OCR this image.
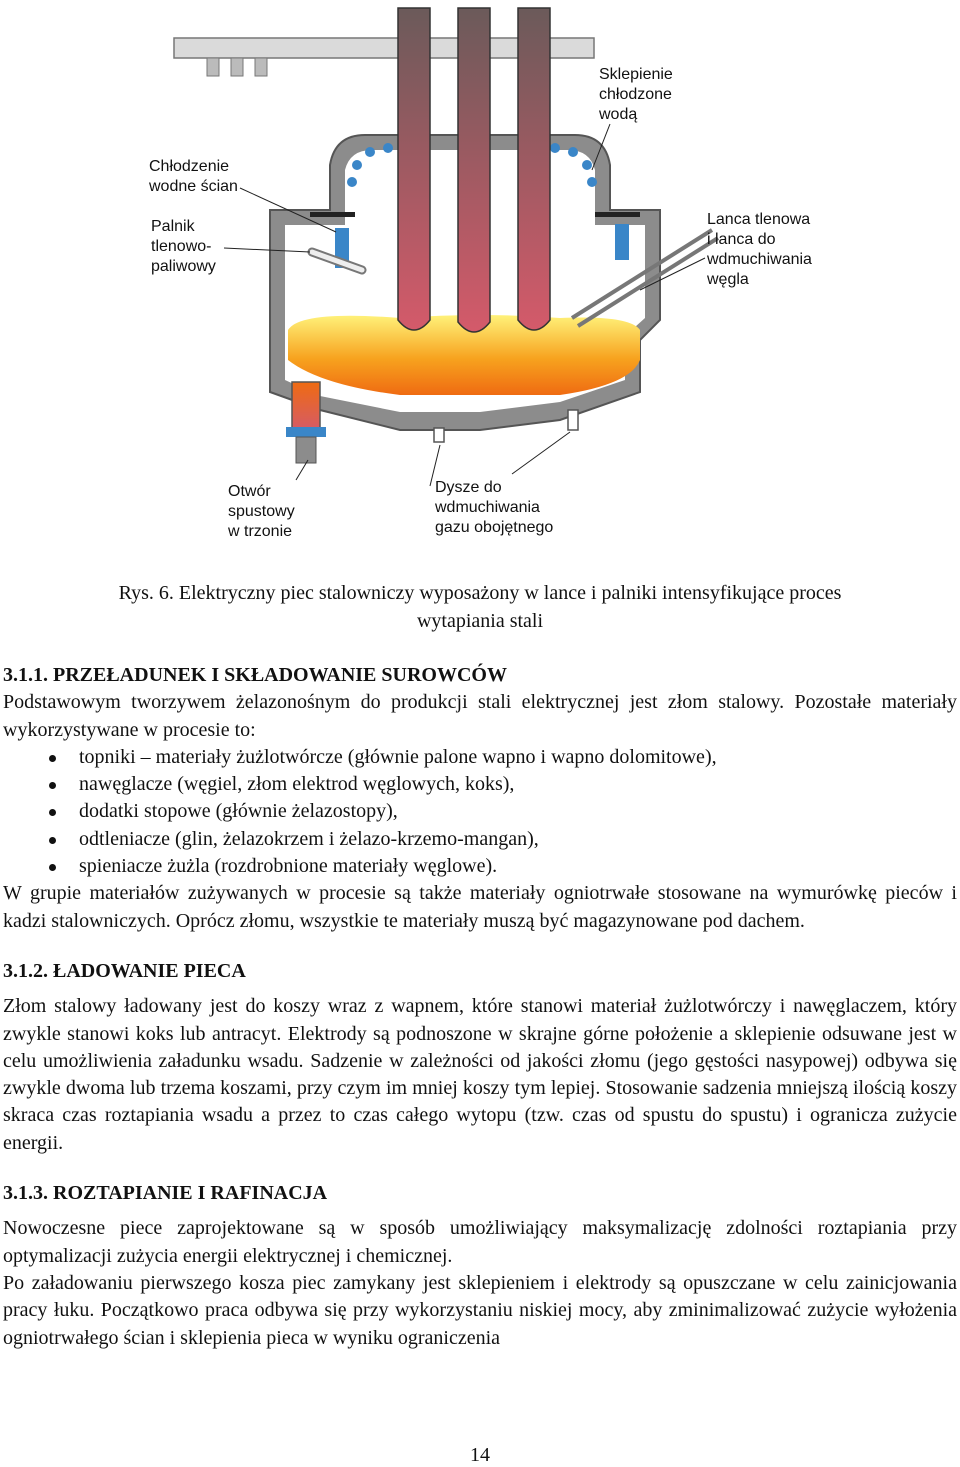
Sklepienie chłodzone wodą
Chłodzenie wodne ścian
Palnik tlenowo- paliwowy
Lanca tlenowa i lanca do wdmuchiwania węgla
Otwór spustowy w trzonie
Dysze do wdmuchiwania gazu obojętnego
Rys. 6. Elektryczny piec stalowniczy wyposażony w lance i palniki intensyfikujące proces
wytapiania stali

3.1.1. PRZEŁADUNEK I SKŁADOWANIE SUROWCÓW

Podstawowym tworzywem żelazonośnym do produkcji stali elektrycznej jest złom stalowy. Pozostałe materiały wykorzystywane w procesie to:

topniki – materiały żużlotwórcze (głównie palone wapno i wapno dolomitowe),
nawęglacze (węgiel, złom elektrod węglowych, koks),
dodatki stopowe (głównie żelazostopy),
odtleniacze (glin, żelazokrzem i żelazo-krzemo-mangan),
spieniacze żużla (rozdrobnione materiały węglowe).

W grupie materiałów zużywanych w procesie są także materiały ogniotrwałe stosowane na wymurówkę pieców i kadzi stalowniczych. Oprócz złomu, wszystkie te materiały muszą być magazynowane pod dachem.

3.1.2. ŁADOWANIE PIECA

Złom stalowy ładowany jest do koszy wraz z wapnem, które stanowi materiał żużlotwórczy i nawęglaczem, który zwykle stanowi koks lub antracyt. Elektrody są podnoszone w skrajne górne położenie a sklepienie odsuwane jest w celu umożliwienia załadunku wsadu. Sadzenie w zależności od jakości złomu (jego gęstości nasypowej) odbywa się zwykle dwoma lub trzema koszami, przy czym im mniej koszy tym lepiej. Stosowanie sadzenia mniejszą ilością koszy skraca czas roztapiania wsadu a przez to czas całego wytopu (tzw. czas od spustu do spustu) i ogranicza zużycie energii.

3.1.3. ROZTAPIANIE I RAFINACJA

Nowoczesne piece zaprojektowane są w sposób umożliwiający maksymalizację zdolności roztapiania przy optymalizacji zużycia energii elektrycznej i chemicznej.

Po załadowaniu pierwszego kosza piec zamykany jest sklepieniem i elektrody są opuszczane w celu zainicjowania pracy łuku. Początkowo praca odbywa się przy wykorzystaniu niskiej mocy, aby zminimalizować zużycie wyłożenia ogniotrwałego ścian i sklepienia pieca w wyniku ograniczenia

14
